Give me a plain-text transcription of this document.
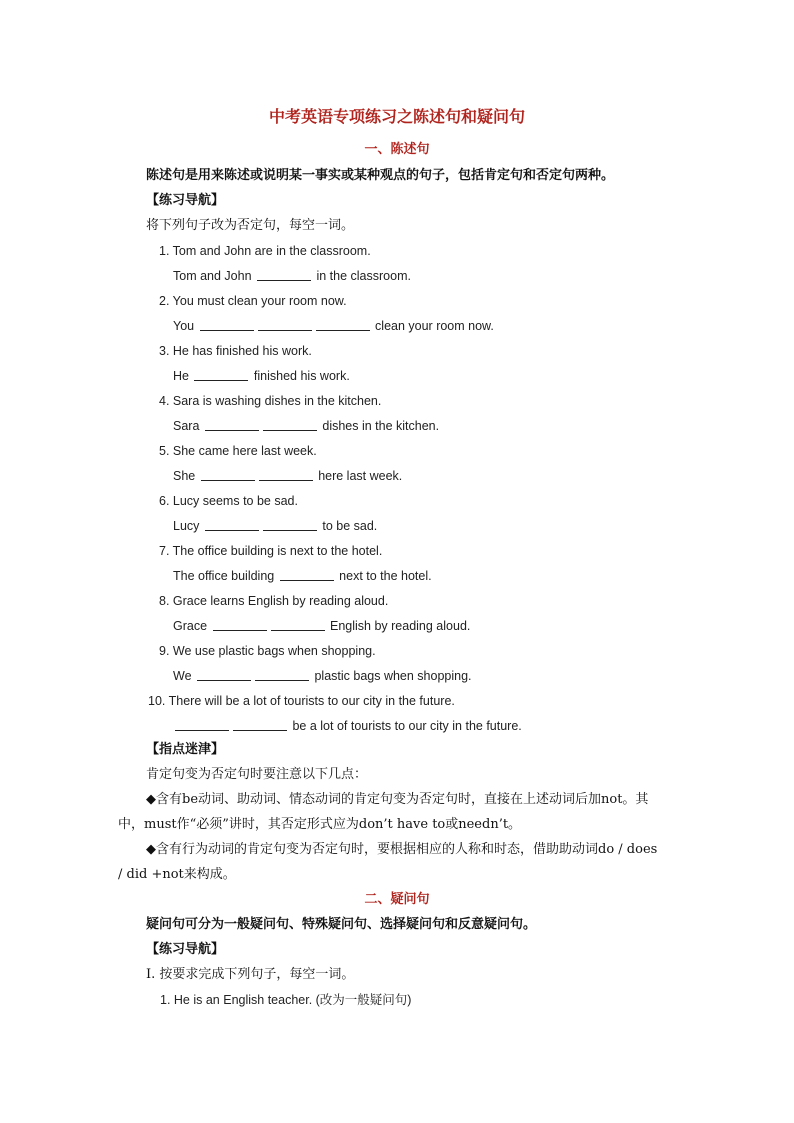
中考英语专项练习之陈述句和疑问句
一、陈述句
陈述句是用来陈述或说明某一事实或某种观点的句子，包括肯定句和否定句两种。
【练习导航】
将下列句子改为否定句，每空一词。
1. Tom and John are in the classroom.
Tom and John	in the classroom.
2. You must clean your room now.
You	clean your room now.
3. He has finished his work.
He	finished his work.
4. Sara is washing dishes in the kitchen.
Sara	dishes in the kitchen.
5. She came here last week.
She	here last week.
6. Lucy seems to be sad.
Lucy	to be sad.
7. The office building is next to the hotel.
The office building	next to the hotel.
8. Grace learns English by reading aloud.
Grace	English by reading aloud.
9. We use plastic bags when shopping.
We	plastic bags when shopping.
10. There will be a lot of tourists to our city in the future.
be a lot of tourists to our city in the future.
【指点迷津】
肯定句变为否定句时要注意以下几点：
◆含有be动词、助动词、情态动词的肯定句变为否定句时，直接在上述动词后加not。其
中，must作“必须”讲时，其否定形式应为don’t have to或needn’t。
◆含有行为动词的肯定句变为否定句时，要根据相应的人称和时态，借助助动词do / does
/ did +not来构成。
二、疑问句
疑问句可分为一般疑问句、特殊疑问句、选择疑问句和反意疑问句。
【练习导航】
Ⅰ. 按要求完成下列句子，每空一词。
1. He is an English teacher. (改为一般疑问句)
